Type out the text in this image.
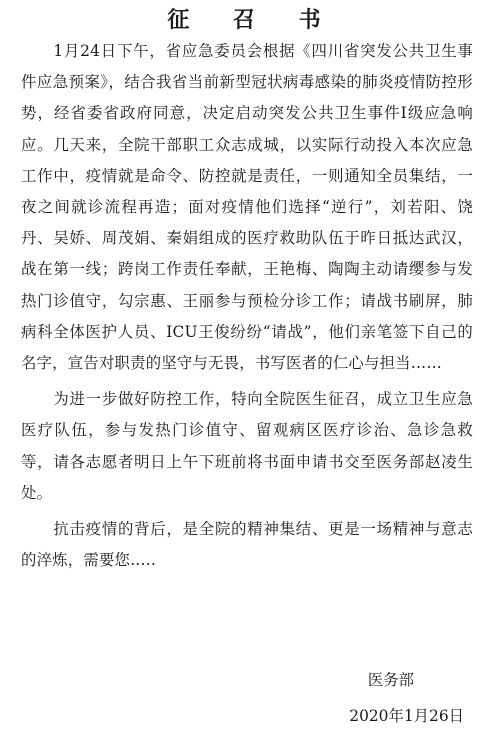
征 召 书

1月24日下午，省应急委员会根据《四川省突发公共卫生事件应急预案》，结合我省当前新型冠状病毒感染的肺炎疫情防控形势，经省委省政府同意，决定启动突发公共卫生事件I级应急响应。几天来，全院干部职工众志成城，以实际行动投入本次应急工作中，疫情就是命令、防控就是责任，一则通知全员集结，一夜之间就诊流程再造；面对疫情他们选择“逆行”，刘若阳、饶丹、吴娇、周茂娟、秦娟组成的医疗救助队伍于昨日抵达武汉，战在第一线；跨岗工作责任奉献，王艳梅、陶陶主动请缨参与发热门诊值守，勾宗惠、王丽参与预检分诊工作；请战书刷屏，肺病科全体医护人员、ICU王俊纷纷“请战”，他们亲笔签下自己的名字，宣告对职责的坚守与无畏，书写医者的仁心与担当……

为进一步做好防控工作，特向全院医生征召，成立卫生应急医疗队伍，参与发热门诊值守、留观病区医疗诊治、急诊急救等，请各志愿者明日上午下班前将书面申请书交至医务部赵凌生处。

抗击疫情的背后，是全院的精神集结、更是一场精神与意志的淬炼，需要您…..

医务部
2020年1月26日
